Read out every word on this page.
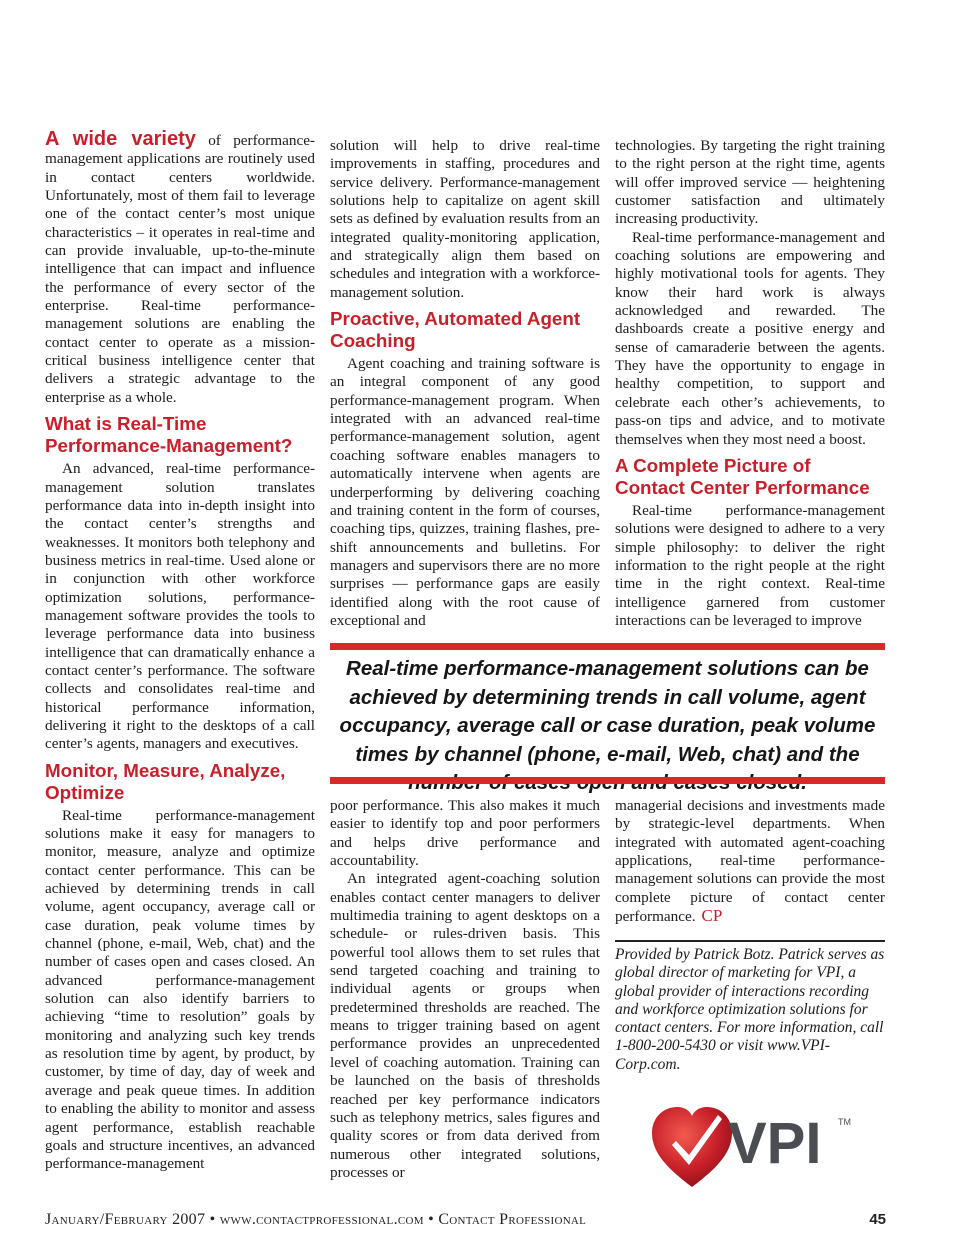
A wide variety of performance-management applications are routinely used in contact centers worldwide. Unfortunately, most of them fail to leverage one of the contact center’s most unique characteristics – it operates in real-time and can provide invaluable, up-to-the-minute intelligence that can impact and influence the performance of every sector of the enterprise. Real-time performance-management solutions are enabling the contact center to operate as a mission-critical business intelligence center that delivers a strategic advantage to the enterprise as a whole.

What is Real-Time Performance-Management?

An advanced, real-time performance-management solution translates performance data into in-depth insight into the contact center’s strengths and weaknesses. It monitors both telephony and business metrics in real-time. Used alone or in conjunction with other workforce optimization solutions, performance-management software provides the tools to leverage performance data into business intelligence that can dramatically enhance a contact center’s performance. The software collects and consolidates real-time and historical performance information, delivering it right to the desktops of a call center’s agents, managers and executives.

Monitor, Measure, Analyze, Optimize

Real-time performance-management solutions make it easy for managers to monitor, measure, analyze and optimize contact center performance. This can be achieved by determining trends in call volume, agent occupancy, average call or case duration, peak volume times by channel (phone, e-mail, Web, chat) and the number of cases open and cases closed. An advanced performance-management solution can also identify barriers to achieving “time to resolution” goals by monitoring and analyzing such key trends as resolution time by agent, by product, by customer, by time of day, day of week and average and peak queue times. In addition to enabling the ability to monitor and assess agent performance, establish reachable goals and structure incentives, an advanced performance-management

solution will help to drive real-time improvements in staffing, procedures and service delivery. Performance-management solutions help to capitalize on agent skill sets as defined by evaluation results from an integrated quality-monitoring application, and strategically align them based on schedules and integration with a workforce-management solution.

Proactive, Automated Agent Coaching

Agent coaching and training software is an integral component of any good performance-management program. When integrated with an advanced real-time performance-management solution, agent coaching software enables managers to automatically intervene when agents are underperforming by delivering coaching and training content in the form of courses, coaching tips, quizzes, training flashes, pre-shift announcements and bulletins. For managers and supervisors there are no more surprises — performance gaps are easily identified along with the root cause of exceptional and

technologies. By targeting the right training to the right person at the right time, agents will offer improved service — heightening customer satisfaction and ultimately increasing productivity.

Real-time performance-management and coaching solutions are empowering and highly motivational tools for agents. They know their hard work is always acknowledged and rewarded. The dashboards create a positive energy and sense of camaraderie between the agents. They have the opportunity to engage in healthy competition, to support and celebrate each other’s achievements, to pass-on tips and advice, and to motivate themselves when they most need a boost.

A Complete Picture of Contact Center Performance

Real-time performance-management solutions were designed to adhere to a very simple philosophy: to deliver the right information to the right people at the right time in the right context. Real-time intelligence garnered from customer interactions can be leveraged to improve

Real-time performance-management solutions can be achieved by determining trends in call volume, agent occupancy, average call or case duration, peak volume times by channel (phone, e-mail, Web, chat) and the

poor performance. This also makes it much easier to identify top and poor performers and helps drive performance and accountability.

An integrated agent-coaching solution enables contact center managers to deliver multimedia training to agent desktops on a schedule- or rules-driven basis. This powerful tool allows them to set rules that send targeted coaching and training to individual agents or groups when predetermined thresholds are reached. The means to trigger training based on agent performance provides an unprecedented level of coaching automation. Training can be launched on the basis of thresholds reached per key performance indicators such as telephony metrics, sales figures and quality scores or from data derived from numerous other integrated solutions, processes or

managerial decisions and investments made by strategic-level departments. When integrated with automated agent-coaching applications, real-time performance-management solutions can provide the most complete picture of contact center performance. CP

Provided by Patrick Botz. Patrick serves as global director of marketing for VPI, a global provider of interactions recording and workforce optimization solutions for contact centers. For more information, call 1-800-200-5430 or visit www.VPI-Corp.com.
VPI TM
January/February 2007 • www.contactprofessional.com • Contact Professional	45
